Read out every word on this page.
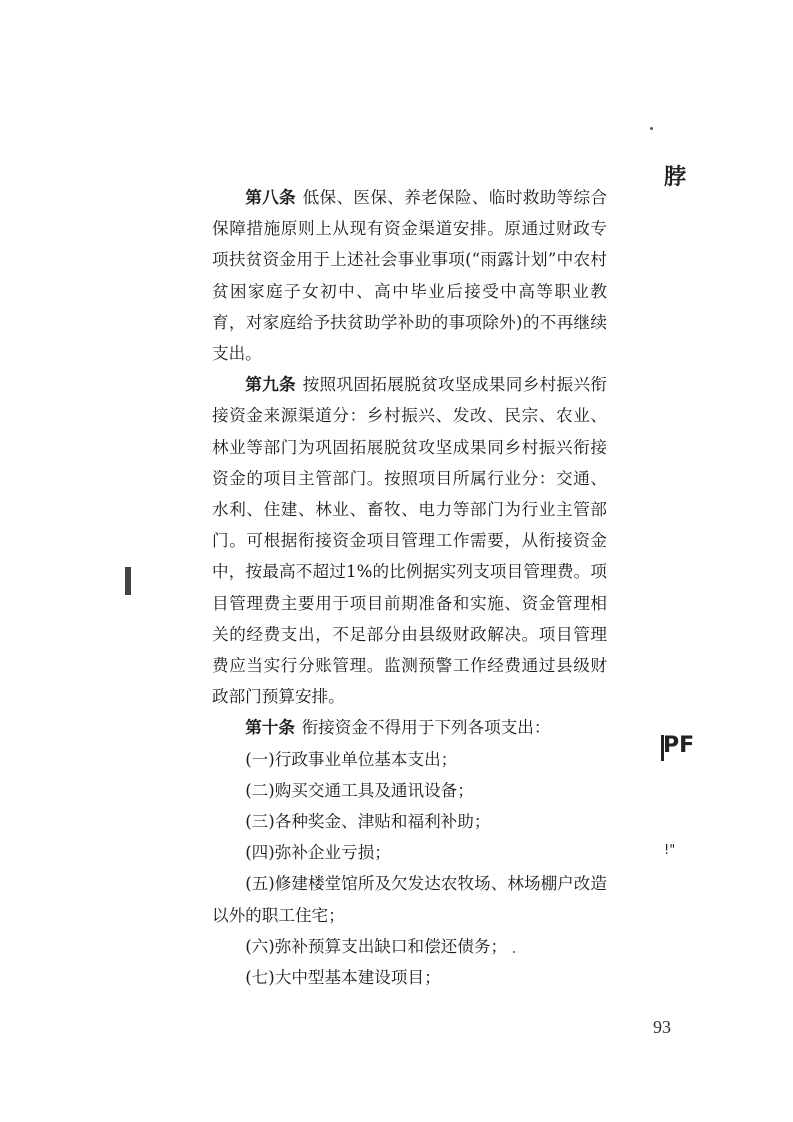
第八条 低保、医保、养老保险、临时救助等综合保障措施原则上从现有资金渠道安排。原通过财政专项扶贫资金用于上述社会事业事项(“雨露计划”中农村贫困家庭子女初中、高中毕业后接受中高等职业教育，对家庭给予扶贫助学补助的事项除外)的不再继续支出。

第九条 按照巩固拓展脱贫攻坚成果同乡村振兴衔接资金来源渠道分：乡村振兴、发改、民宗、农业、林业等部门为巩固拓展脱贫攻坚成果同乡村振兴衔接资金的项目主管部门。按照项目所属行业分：交通、水利、住建、林业、畜牧、电力等部门为行业主管部门。可根据衔接资金项目管理工作需要，从衔接资金中，按最高不超过1%的比例据实列支项目管理费。项目管理费主要用于项目前期准备和实施、资金管理相关的经费支出，不足部分由县级财政解决。项目管理费应当实行分账管理。监测预警工作经费通过县级财政部门预算安排。

第十条 衔接资金不得用于下列各项支出：

(一)行政事业单位基本支出；

(二)购买交通工具及通讯设备；

(三)各种奖金、津贴和福利补助；

(四)弥补企业亏损；

(五)修建楼堂馆所及欠发达农牧场、林场棚户改造以外的职工住宅；

(六)弥补预算支出缺口和偿还债务；

(七)大中型基本建设项目；

93
脖
PF
!"
